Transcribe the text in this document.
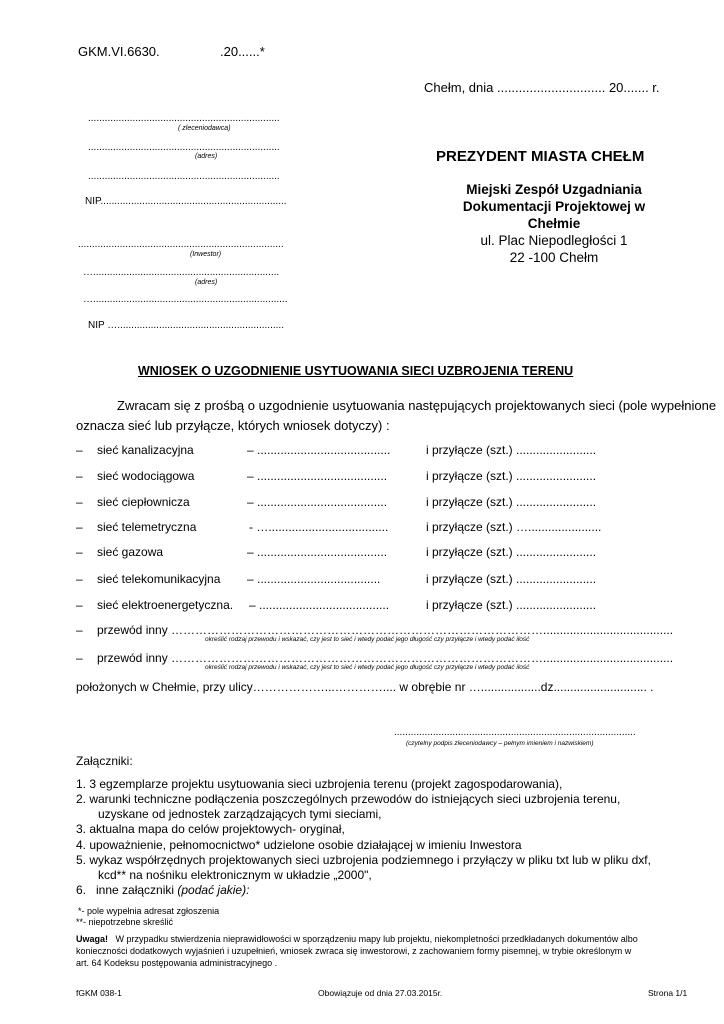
GKM.VI.6630.	.20......*
Chełm, dnia .............................. 20....... r.
.....................................................................
( zleceniodawca)
.....................................................................
(adres)
.....................................................................
NIP...................................................................
..........................................................................
(Inwestor)
…...................................................................
(adres)
…......................................................................
NIP …............................................................
PREZYDENT MIASTA CHEŁM
Miejski Zespół Uzgadniania
Dokumentacji Projektowej w
Chełmie
ul. Plac Niepodległości 1
22 -100 Chełm
WNIOSEK O UZGODNIENIE USYTUOWANIA SIECI UZBROJENIA TERENU
Zwracam się z prośbą o uzgodnienie usytuowania następujących projektowanych sieci (pole wypełnione
oznacza sieć lub przyłącze, których wniosek dotyczy) :
– sieć kanalizacyjna	– ........................................	i przyłącze (szt.) ........................
– sieć wodociągowa	– .......................................	i przyłącze (szt.) ........................
– sieć ciepłownicza	– .......................................	i przyłącze (szt.) ........................
– sieć telemetryczna	- …....................................	i przyłącze (szt.) …......................
– sieć gazowa	– .......................................	i przyłącze (szt.) ........................
– sieć telekomunikacyjna – .....................................	i przyłącze (szt.) ........................
– sieć elektroenergetyczna. – .......................................	i przyłącze (szt.) ........................
– przewód inny ………………………………………………………………………………….......................................
określić rodzaj przewodu i wskazać, czy jest to sieć i wtedy podać jego długość czy przyłącze i wtedy podać ilość
– przewód inny ………………………………………………………………………………….......................................
określić rodzaj przewodu i wskazać, czy jest to sieć i wtedy podać jego długość czy przyłącze i wtedy podać ilość
położonych w Chełmie, przy ulicy………………...………….... w obrębie nr …..................dz............................ .
.......................................................................................
(czytelny podpis zleceniodawcy – pełnym imieniem i nazwiskiem)
Załączniki:
1. 3 egzemplarze projektu usytuowania sieci uzbrojenia terenu (projekt zagospodarowania),
2. warunki techniczne podłączenia poszczególnych przewodów do istniejących sieci uzbrojenia terenu,
uzyskane od jednostek zarządzających tymi sieciami,
3. aktualna mapa do celów projektowych- oryginał,
4. upoważnienie, pełnomocnictwo* udzielone osobie działającej w imieniu Inwestora
5. wykaz współrzędnych projektowanych sieci uzbrojenia podziemnego i przyłączy w pliku txt lub w pliku dxf,
kcd** na nośniku elektronicznym w układzie „2000",
6.   inne załączniki (podać jakie):
*- pole wypełnia adresat zgłoszenia
**- niepotrzebne skreślić
Uwaga!   W przypadku stwierdzenia nieprawidłowości w sporządzeniu mapy lub projektu, niekompletności przedkładanych dokumentów albo
konieczności dodatkowych wyjaśnień i uzupełnień, wniosek zwraca się inwestorowi, z zachowaniem formy pisemnej, w trybie określonym w
art. 64 Kodeksu postępowania administracyjnego .
fGKM 038-1	Obowiązuje od dnia 27.03.2015r.	Strona 1/1
